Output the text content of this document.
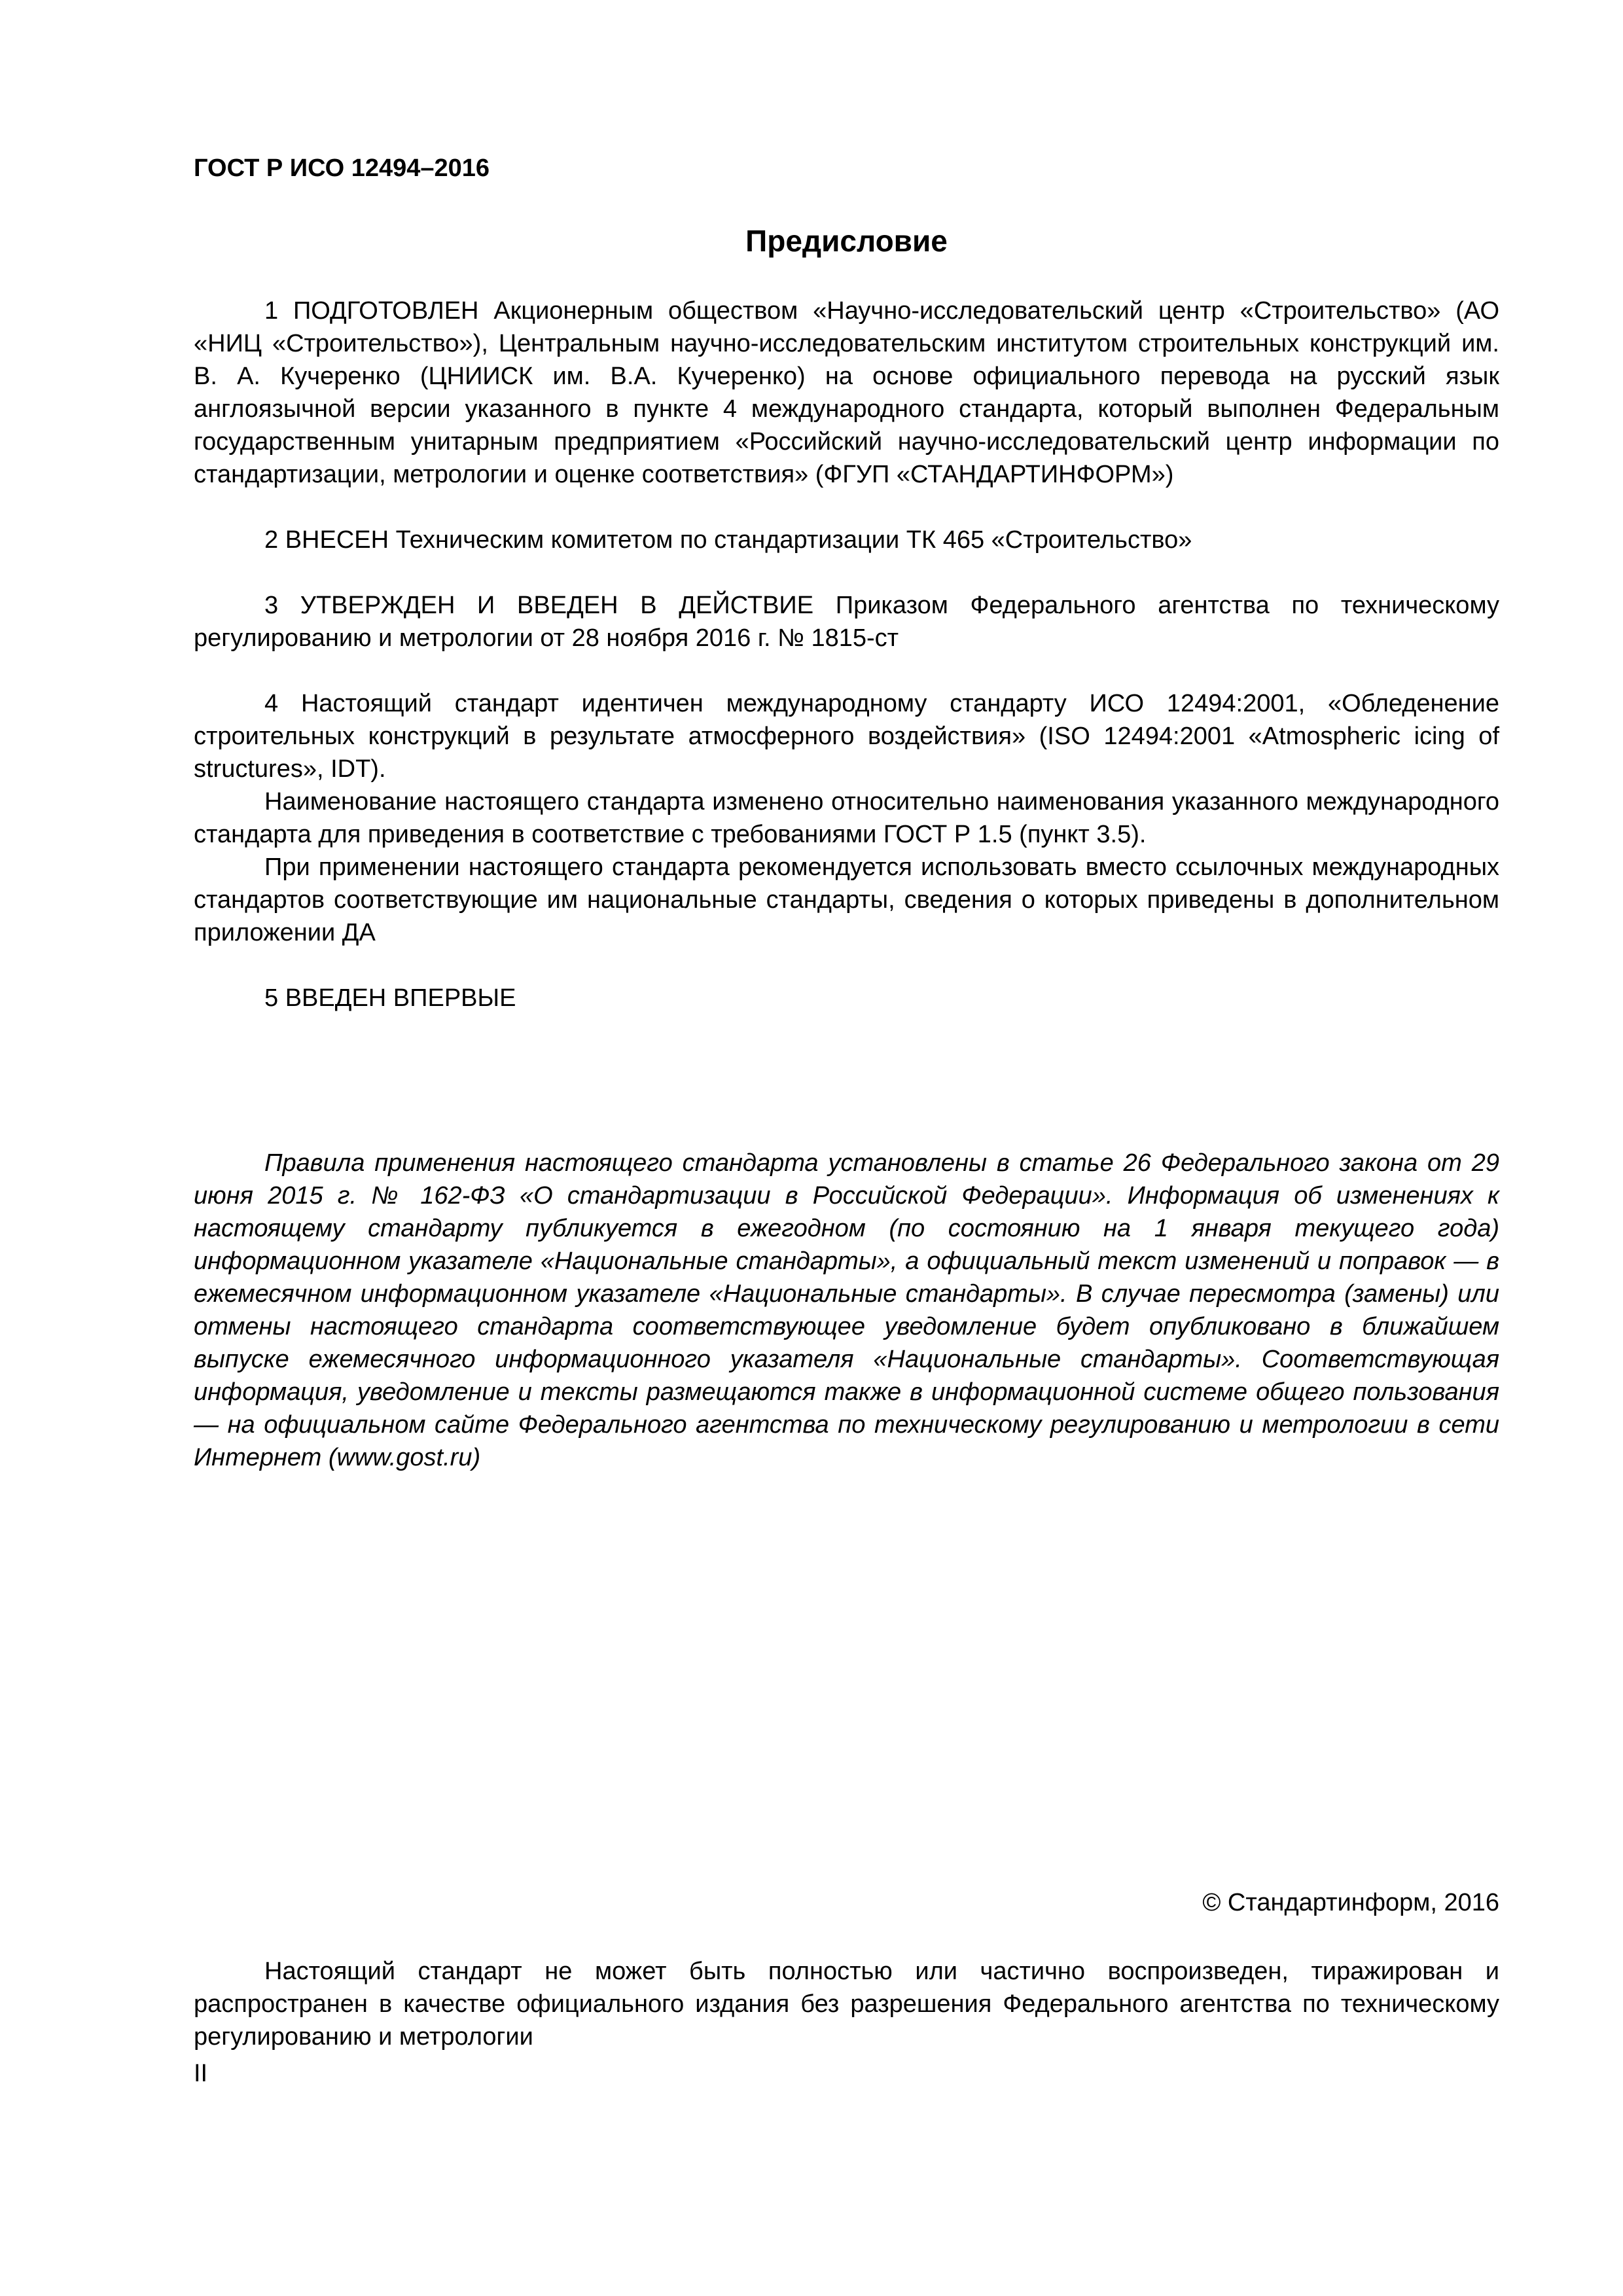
ГОСТ Р ИСО 12494–2016

Предисловие

1 ПОДГОТОВЛЕН Акционерным обществом «Научно-исследовательский центр «Строительство» (АО «НИЦ «Строительство»), Центральным научно-исследовательским институтом строительных конструкций им. В. А. Кучеренко (ЦНИИСК им. В.А. Кучеренко) на основе официального перевода на русский язык англоязычной версии указанного в пункте 4 международного стандарта, который выполнен Федеральным государственным унитарным предприятием «Российский научно-исследовательский центр информации по стандартизации, метрологии и оценке соответствия» (ФГУП «СТАНДАРТИНФОРМ»)

2 ВНЕСЕН Техническим комитетом по стандартизации ТК 465 «Строительство»

3 УТВЕРЖДЕН И ВВЕДЕН В ДЕЙСТВИЕ Приказом Федерального агентства по техническому регулированию и метрологии от 28 ноября 2016 г. № 1815-ст

4 Настоящий стандарт идентичен международному стандарту ИСО 12494:2001, «Обледенение строительных конструкций в результате атмосферного воздействия» (ISO 12494:2001 «Atmospheric icing of structures», IDT).

Наименование настоящего стандарта изменено относительно наименования указанного международного стандарта для приведения в соответствие с требованиями ГОСТ Р 1.5 (пункт 3.5).

При применении настоящего стандарта рекомендуется использовать вместо ссылочных международных стандартов соответствующие им национальные стандарты, сведения о которых приведены в дополнительном приложении ДА

5 ВВЕДЕН ВПЕРВЫЕ

Правила применения настоящего стандарта установлены в статье 26 Федерального закона от 29 июня 2015 г. № 162-ФЗ «О стандартизации в Российской Федерации». Информация об изменениях к настоящему стандарту публикуется в ежегодном (по состоянию на 1 января текущего года) информационном указателе «Национальные стандарты», а официальный текст изменений и поправок — в ежемесячном информационном указателе «Национальные стандарты». В случае пересмотра (замены) или отмены настоящего стандарта соответствующее уведомление будет опубликовано в ближайшем выпуске ежемесячного информационного указателя «Национальные стандарты». Соответствующая информация, уведомление и тексты размещаются также в информационной системе общего пользования — на официальном сайте Федерального агентства по техническому регулированию и метрологии в сети Интернет (www.gost.ru)

© Стандартинформ, 2016

Настоящий стандарт не может быть полностью или частично воспроизведен, тиражирован и распространен в качестве официального издания без разрешения Федерального агентства по техническому регулированию и метрологии

II
